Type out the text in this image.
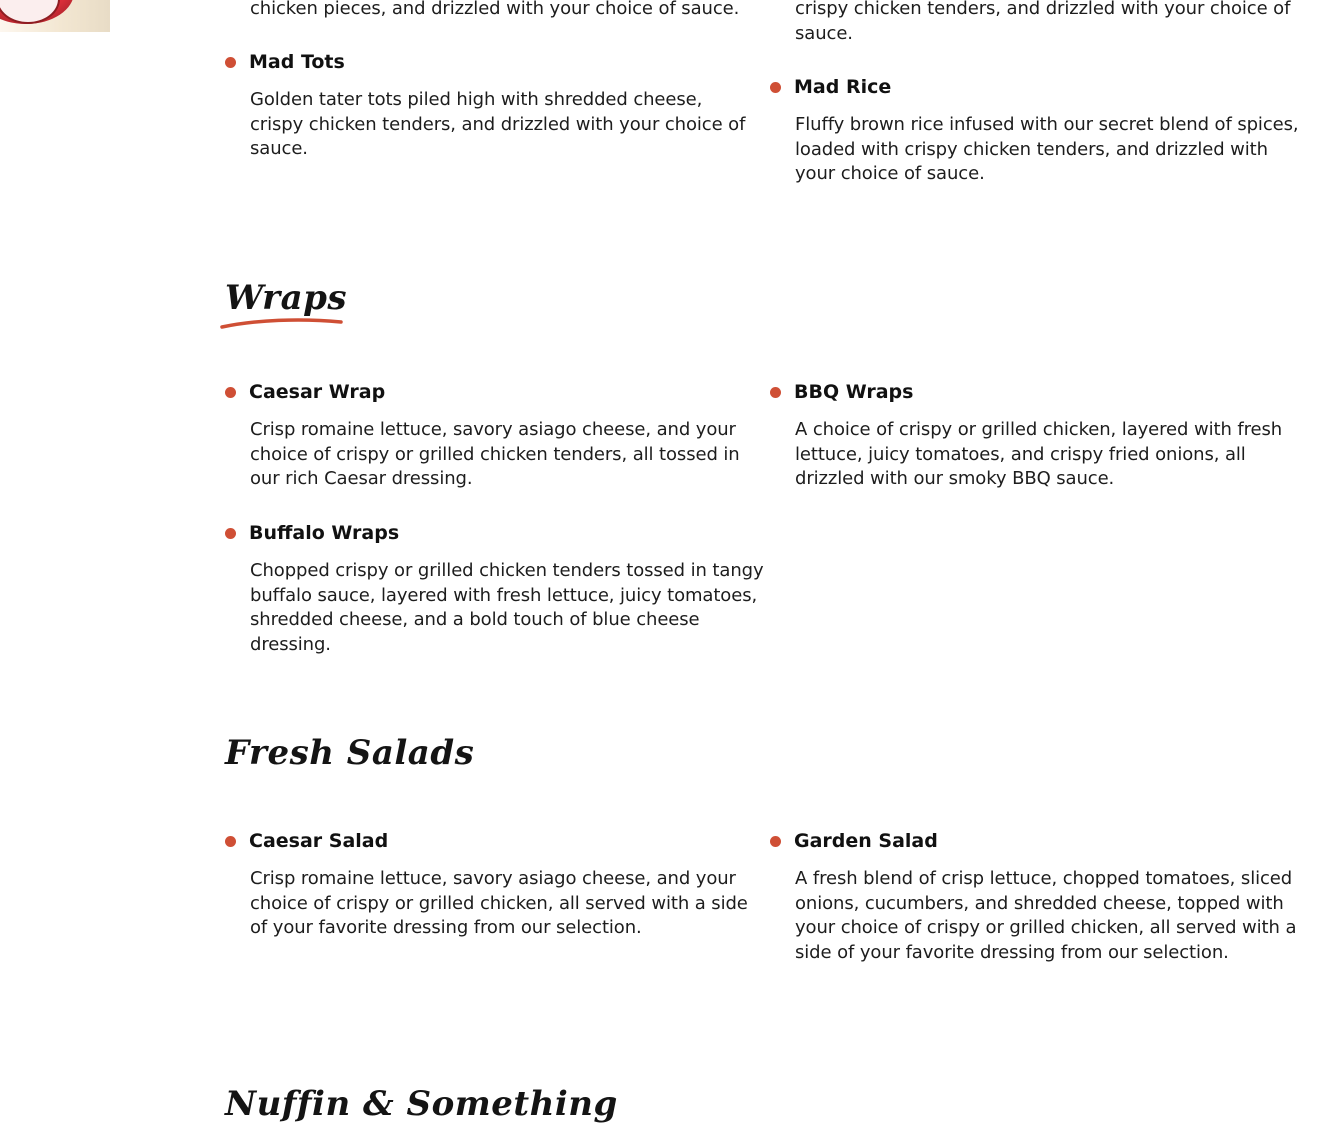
chicken pieces, and drizzled with your choice of sauce.	crispy chicken tenders, and drizzled with your choice of sauce.
Mad Tots
Golden tater tots piled high with shredded cheese, crispy chicken tenders, and drizzled with your choice of sauce.
Mad Rice
Fluffy brown rice infused with our secret blend of spices, loaded with crispy chicken tenders, and drizzled with your choice of sauce.
Wraps
Caesar Wrap
Crisp romaine lettuce, savory asiago cheese, and your choice of crispy or grilled chicken tenders, all tossed in our rich Caesar dressing.
BBQ Wraps
A choice of crispy or grilled chicken, layered with fresh lettuce, juicy tomatoes, and crispy fried onions, all drizzled with our smoky BBQ sauce.
Buffalo Wraps
Chopped crispy or grilled chicken tenders tossed in tangy buffalo sauce, layered with fresh lettuce, juicy tomatoes, shredded cheese, and a bold touch of blue cheese dressing.
Fresh Salads
Caesar Salad
Crisp romaine lettuce, savory asiago cheese, and your choice of crispy or grilled chicken, all served with a side of your favorite dressing from our selection.
Garden Salad
A fresh blend of crisp lettuce, chopped tomatoes, sliced onions, cucumbers, and shredded cheese, topped with your choice of crispy or grilled chicken, all served with a side of your favorite dressing from our selection.
Nuffin & Something
